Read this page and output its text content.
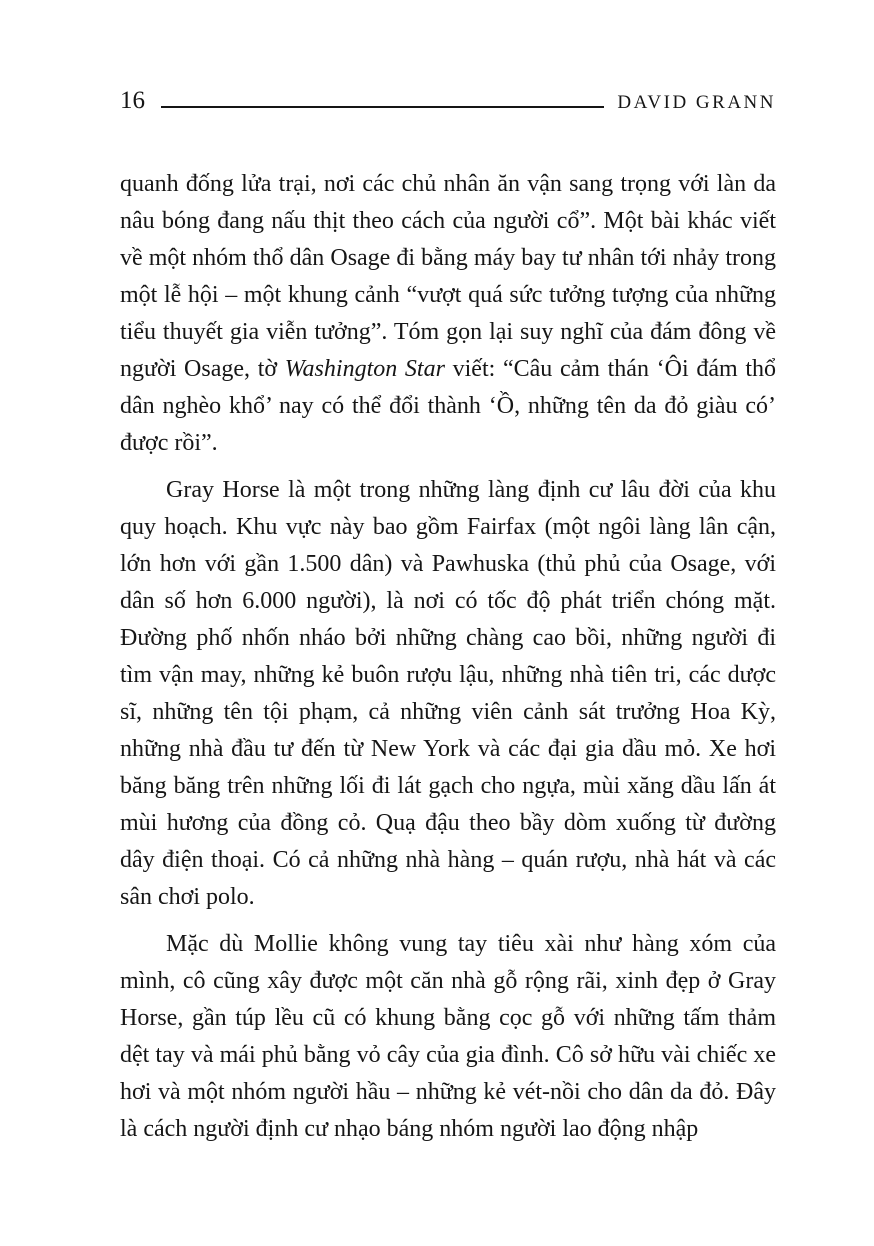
16	DAVID GRANN

quanh đống lửa trại, nơi các chủ nhân ăn vận sang trọng với làn da nâu bóng đang nấu thịt theo cách của người cổ”. Một bài khác viết về một nhóm thổ dân Osage đi bằng máy bay tư nhân tới nhảy trong một lễ hội – một khung cảnh “vượt quá sức tưởng tượng của những tiểu thuyết gia viễn tưởng”. Tóm gọn lại suy nghĩ của đám đông về người Osage, tờ Washington Star viết: “Câu cảm thán ‘Ôi đám thổ dân nghèo khổ’ nay có thể đổi thành ‘Ồ, những tên da đỏ giàu có’ được rồi”.

Gray Horse là một trong những làng định cư lâu đời của khu quy hoạch. Khu vực này bao gồm Fairfax (một ngôi làng lân cận, lớn hơn với gần 1.500 dân) và Pawhuska (thủ phủ của Osage, với dân số hơn 6.000 người), là nơi có tốc độ phát triển chóng mặt. Đường phố nhốn nháo bởi những chàng cao bồi, những người đi tìm vận may, những kẻ buôn rượu lậu, những nhà tiên tri, các dược sĩ, những tên tội phạm, cả những viên cảnh sát trưởng Hoa Kỳ, những nhà đầu tư đến từ New York và các đại gia dầu mỏ. Xe hơi băng băng trên những lối đi lát gạch cho ngựa, mùi xăng dầu lấn át mùi hương của đồng cỏ. Quạ đậu theo bầy dòm xuống từ đường dây điện thoại. Có cả những nhà hàng – quán rượu, nhà hát và các sân chơi polo.

Mặc dù Mollie không vung tay tiêu xài như hàng xóm của mình, cô cũng xây được một căn nhà gỗ rộng rãi, xinh đẹp ở Gray Horse, gần túp lều cũ có khung bằng cọc gỗ với những tấm thảm dệt tay và mái phủ bằng vỏ cây của gia đình. Cô sở hữu vài chiếc xe hơi và một nhóm người hầu – những kẻ vét-nồi cho dân da đỏ. Đây là cách người định cư nhạo báng nhóm người lao động nhập
